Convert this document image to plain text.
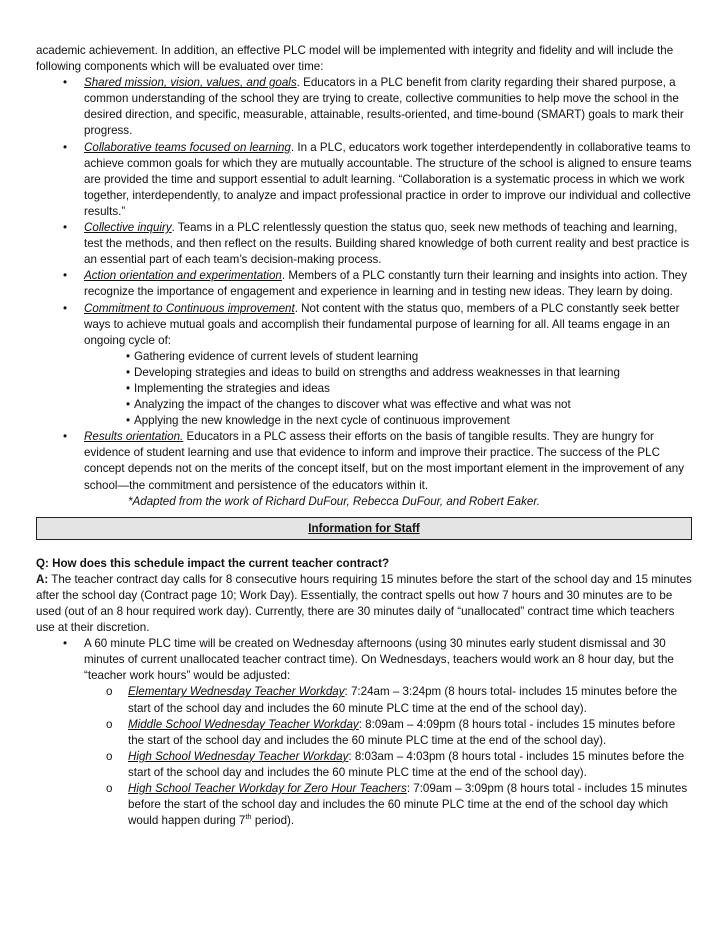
academic achievement. In addition, an effective PLC model will be implemented with integrity and fidelity and will include the following components which will be evaluated over time:

• Shared mission, vision, values, and goals. Educators in a PLC benefit from clarity regarding their shared purpose, a common understanding of the school they are trying to create, collective communities to help move the school in the desired direction, and specific, measurable, attainable, results-oriented, and time-bound (SMART) goals to mark their progress.
• Collaborative teams focused on learning. In a PLC, educators work together interdependently in collaborative teams to achieve common goals for which they are mutually accountable. The structure of the school is aligned to ensure teams are provided the time and support essential to adult learning. “Collaboration is a systematic process in which we work together, interdependently, to analyze and impact professional practice in order to improve our individual and collective results.”
• Collective inquiry. Teams in a PLC relentlessly question the status quo, seek new methods of teaching and learning, test the methods, and then reflect on the results. Building shared knowledge of both current reality and best practice is an essential part of each team’s decision-making process.
• Action orientation and experimentation. Members of a PLC constantly turn their learning and insights into action. They recognize the importance of engagement and experience in learning and in testing new ideas. They learn by doing.
• Commitment to Continuous improvement. Not content with the status quo, members of a PLC constantly seek better ways to achieve mutual goals and accomplish their fundamental purpose of learning for all. All teams engage in an ongoing cycle of:
• Gathering evidence of current levels of student learning
• Developing strategies and ideas to build on strengths and address weaknesses in that learning
• Implementing the strategies and ideas
• Analyzing the impact of the changes to discover what was effective and what was not
• Applying the new knowledge in the next cycle of continuous improvement
• Results orientation. Educators in a PLC assess their efforts on the basis of tangible results. They are hungry for evidence of student learning and use that evidence to inform and improve their practice. The success of the PLC concept depends not on the merits of the concept itself, but on the most important element in the improvement of any school—the commitment and persistence of the educators within it.

*Adapted from the work of Richard DuFour, Rebecca DuFour, and Robert Eaker.

Information for Staff

Q: How does this schedule impact the current teacher contract?

A: The teacher contract day calls for 8 consecutive hours requiring 15 minutes before the start of the school day and 15 minutes after the school day (Contract page 10; Work Day). Essentially, the contract spells out how 7 hours and 30 minutes are to be used (out of an 8 hour required work day). Currently, there are 30 minutes daily of “unallocated” contract time which teachers use at their discretion.

• A 60 minute PLC time will be created on Wednesday afternoons (using 30 minutes early student dismissal and 30 minutes of current unallocated teacher contract time). On Wednesdays, teachers would work an 8 hour day, but the “teacher work hours” would be adjusted:
o Elementary Wednesday Teacher Workday: 7:24am – 3:24pm (8 hours total- includes 15 minutes before the start of the school day and includes the 60 minute PLC time at the end of the school day).
o Middle School Wednesday Teacher Workday: 8:09am – 4:09pm (8 hours total - includes 15 minutes before the start of the school day and includes the 60 minute PLC time at the end of the school day).
o High School Wednesday Teacher Workday: 8:03am – 4:03pm (8 hours total - includes 15 minutes before the start of the school day and includes the 60 minute PLC time at the end of the school day).
o High School Teacher Workday for Zero Hour Teachers: 7:09am – 3:09pm (8 hours total - includes 15 minutes before the start of the school day and includes the 60 minute PLC time at the end of the school day which would happen during 7th period).
